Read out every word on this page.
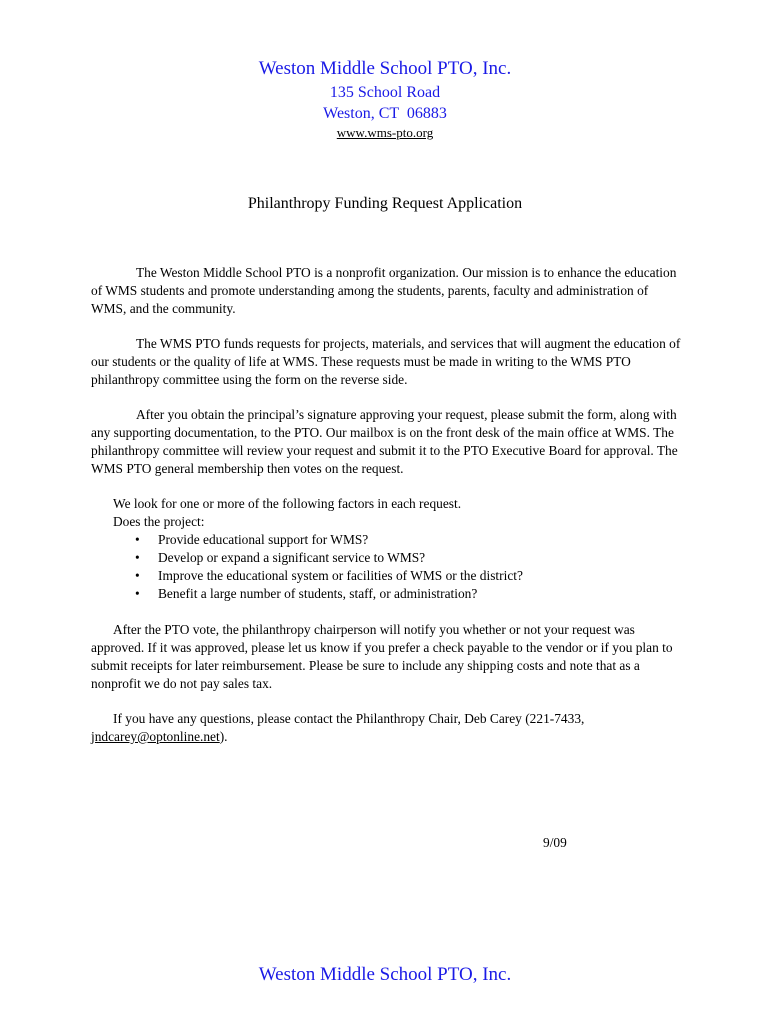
Weston Middle School PTO, Inc.
135 School Road
Weston, CT  06883
www.wms-pto.org
Philanthropy Funding Request Application

The Weston Middle School PTO is a nonprofit organization. Our mission is to enhance the education of WMS students and promote understanding among the students, parents, faculty and administration of WMS, and the community.

The WMS PTO funds requests for projects, materials, and services that will augment the education of our students or the quality of life at WMS. These requests must be made in writing to the WMS PTO philanthropy committee using the form on the reverse side.

After you obtain the principal’s signature approving your request, please submit the form, along with any supporting documentation, to the PTO. Our mailbox is on the front desk of the main office at WMS. The philanthropy committee will review your request and submit it to the PTO Executive Board for approval. The WMS PTO general membership then votes on the request.

We look for one or more of the following factors in each request.

Does the project:

• Provide educational support for WMS?
• Develop or expand a significant service to WMS?
• Improve the educational system or facilities of WMS or the district?
• Benefit a large number of students, staff, or administration?

After the PTO vote, the philanthropy chairperson will notify you whether or not your request was approved. If it was approved, please let us know if you prefer a check payable to the vendor or if you plan to submit receipts for later reimbursement. Please be sure to include any shipping costs and note that as a nonprofit we do not pay sales tax.

If you have any questions, please contact the Philanthropy Chair, Deb Carey (221-7433, jndcarey@optonline.net).

9/09
Weston Middle School PTO, Inc.
